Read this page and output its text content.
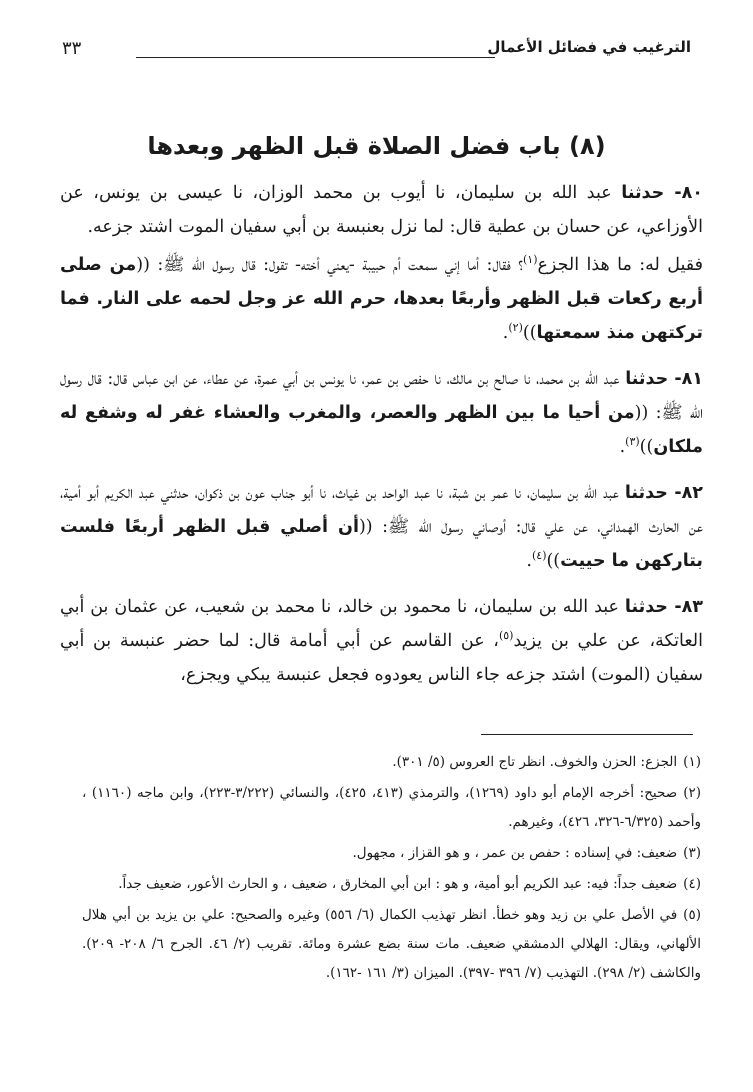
الترغيب في فضائل الأعمال
٣٣
(٨) باب فضل الصلاة قبل الظهر وبعدها

٨٠- حدثنا عبد الله بن سليمان، نا أيوب بن محمد الوزان، نا عيسى بن يونس، عن الأوزاعي، عن حسان بن عطية قال: لما نزل بعنبسة بن أبي سفيان الموت اشتد جزعه.

فقيل له: ما هذا الجزع$^{(١)}$؟ فقال: أما إني سمعت أم حبيبة -يعني أخته- تقول: قال رسول الله ﷺ: ((من صلى أربع ركعات قبل الظهر وأربعًا بعدها، حرم الله عز وجل لحمه على النار. فما تركتهن منذ سمعتها))$^{(٢)}$.

٨١- حدثنا عبد الله بن محمد، نا صالح بن مالك، نا حفص بن عمر، نا يونس بن أبي عمرة، عن عطاء، عن ابن عباس قال: قال رسول الله ﷺ: ((من أحيا ما بين الظهر والعصر، والمغرب والعشاء غفر له وشفع له ملكان))$^{(٣)}$.

٨٢- حدثنا عبد الله بن سليمان، نا عمر بن شبة، نا عبد الواحد بن غياث، نا أبو جناب عون بن ذكوان، حدثني عبد الكريم أبو أمية، عن الحارث الهمداني، عن علي قال: أوصاني رسول الله ﷺ: ((أن أصلي قبل الظهر أربعًا فلست بتاركهن ما حييت))$^{(٤)}$.

٨٣- حدثنا عبد الله بن سليمان، نا محمود بن خالد، نا محمد بن شعيب، عن عثمان بن أبي العاتكة، عن علي بن يزيد$^{(٥)}$، عن القاسم عن أبي أمامة قال: لما حضر عنبسة بن أبي سفيان (الموت) اشتد جزعه جاء الناس يعودوه فجعل عنبسة يبكي ويجزع،

(١)الجزع: الحزن والخوف. انظر تاج العروس (٥/ ٣٠١).

(٢)صحيح: أخرجه الإمام أبو داود (١٢٦٩)، والترمذي (٤١٣، ٤٢٥)، والنسائي (٣/٢٢٢-٢٢٣)، وابن ماجه (١١٦٠) ، وأحمد (٦/٣٢٥-٣٢٦، ٤٢٦)، وغيرهم.

(٣)ضعيف: في إسناده : حفص بن عمر ، و هو القزاز ، مجهول.

(٤)ضعيف جداً: فيه: عبد الكريم أبو أمية، و هو : ابن أبي المخارق ، ضعيف ، و الحارث الأعور، ضعيف جداً.

(٥)في الأصل علي بن زيد وهو خطأ. انظر تهذيب الكمال (٦/ ٥٥٦) وغيره والصحيح: علي بن يزيد بن أبي هلال الألهاني، ويقال: الهلالي الدمشقي ضعيف. مات سنة بضع عشرة ومائة. تقريب (٢/ ٤٦. الجرح ٦/ ٢٠٨- ٢٠٩). والكاشف (٢/ ٢٩٨). التهذيب (٧/ ٣٩٦ -٣٩٧). الميزان (٣/ ١٦١ -١٦٢).
